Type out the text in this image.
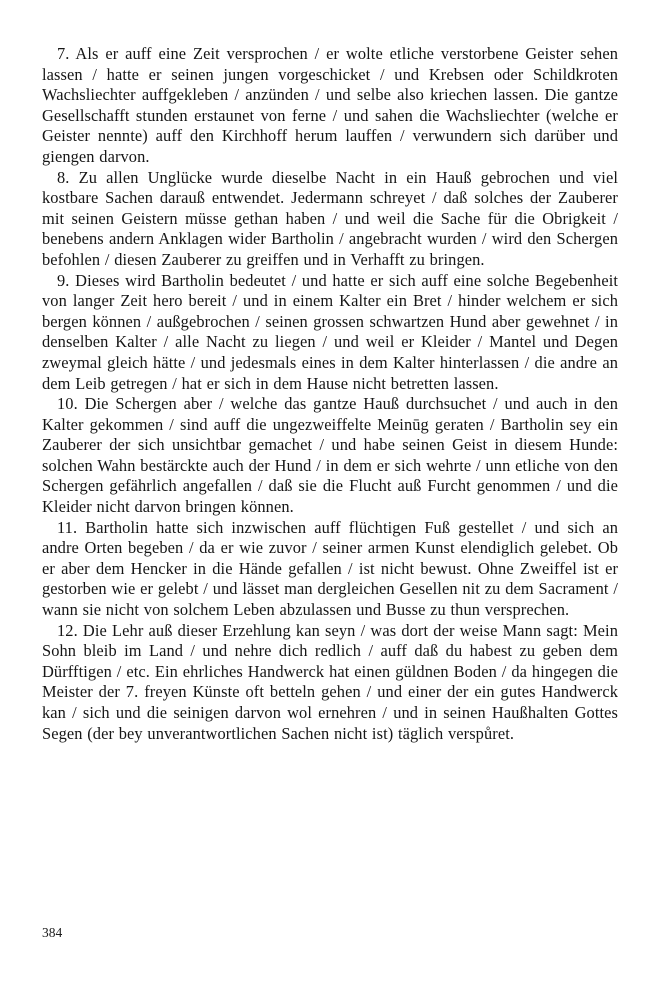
7. Als er auff eine Zeit versprochen / er wolte etliche verstorbene Geister sehen lassen / hatte er seinen jungen vorgeschicket / und Krebsen oder Schildkroten Wachsliechter auffgekleben / anzünden / und selbe also kriechen lassen. Die gantze Gesellschafft stunden erstaunet von ferne / und sahen die Wachsliechter (welche er Geister nennte) auff den Kirchhoff herum lauffen / verwundern sich darüber und giengen darvon.

8. Zu allen Unglücke wurde dieselbe Nacht in ein Hauß gebrochen und viel kostbare Sachen darauß entwendet. Jedermann schreyet / daß solches der Zauberer mit seinen Geistern müsse gethan haben / und weil die Sache für die Obrigkeit / benebens andern Anklagen wider Bartholin / angebracht wurden / wird den Schergen befohlen / diesen Zauberer zu greiffen und in Verhafft zu bringen.

9. Dieses wird Bartholin bedeutet / und hatte er sich auff eine solche Begebenheit von langer Zeit hero bereit / und in einem Kalter ein Bret / hinder welchem er sich bergen können / außgebrochen / seinen grossen schwartzen Hund aber gewehnet / in denselben Kalter / alle Nacht zu liegen / und weil er Kleider / Mantel und Degen zweymal gleich hätte / und jedesmals eines in dem Kalter hinterlassen / die andre an dem Leib getregen / hat er sich in dem Hause nicht betretten lassen.

10. Die Schergen aber / welche das gantze Hauß durchsuchet / und auch in den Kalter gekommen / sind auff die ungezweiffelte Meinūg geraten / Bartholin sey ein Zauberer der sich unsichtbar gemachet / und habe seinen Geist in diesem Hunde: solchen Wahn bestärckte auch der Hund / in dem er sich wehrte / unn etliche von den Schergen gefährlich angefallen / daß sie die Flucht auß Furcht genommen / und die Kleider nicht darvon bringen können.

11. Bartholin hatte sich inzwischen auff flüchtigen Fuß gestellet / und sich an andre Orten begeben / da er wie zuvor / seiner armen Kunst elendiglich gelebet. Ob er aber dem Hencker in die Hände gefallen / ist nicht bewust. Ohne Zweiffel ist er gestorben wie er gelebt / und lässet man dergleichen Gesellen nit zu dem Sacrament / wann sie nicht von solchem Leben abzulassen und Busse zu thun versprechen.

12. Die Lehr auß dieser Erzehlung kan seyn / was dort der weise Mann sagt: Mein Sohn bleib im Land / und nehre dich redlich / auff daß du habest zu geben dem Dürfftigen / etc. Ein ehrliches Handwerck hat einen güldnen Boden / da hingegen die Meister der 7. freyen Künste oft betteln gehen / und einer der ein gutes Handwerck kan / sich und die seinigen darvon wol ernehren / und in seinen Haußhalten Gottes Segen (der bey unverantwortlichen Sachen nicht ist) täglich verspůret.

384
